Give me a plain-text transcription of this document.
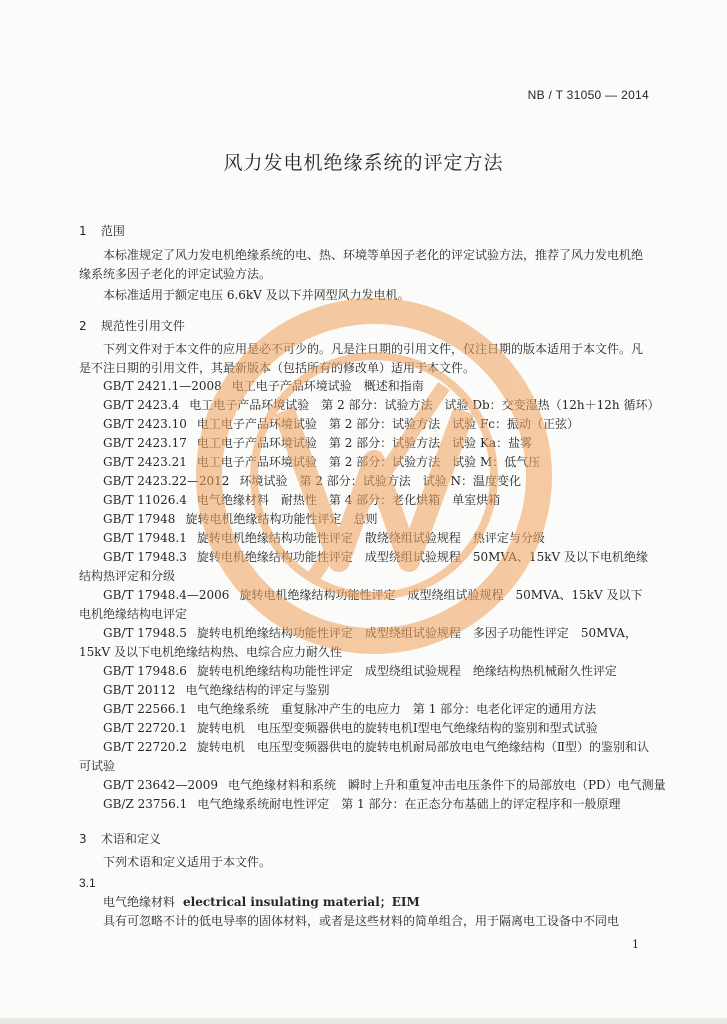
NB / T 31050 — 2014
风力发电机绝缘系统的评定方法
1 范围
本标准规定了风力发电机绝缘系统的电、热、环境等单因子老化的评定试验方法，推荐了风力发电机绝缘系统多因子老化的评定试验方法。
本标准适用于额定电压 6.6kV 及以下并网型风力发电机。
2 规范性引用文件
下列文件对于本文件的应用是必不可少的。凡是注日期的引用文件，仅注日期的版本适用于本文件。凡是不注日期的引用文件，其最新版本（包括所有的修改单）适用于本文件。
GB/T 2421.1—2008 电工电子产品环境试验　概述和指南
GB/T 2423.4 电工电子产品环境试验　第 2 部分：试验方法　试验 Db：交变湿热（12h＋12h 循环）
GB/T 2423.10 电工电子产品环境试验　第 2 部分：试验方法　试验 Fc：振动（正弦）
GB/T 2423.17 电工电子产品环境试验　第 2 部分：试验方法　试验 Ka：盐雾
GB/T 2423.21 电工电子产品环境试验　第 2 部分：试验方法　试验 M：低气压
GB/T 2423.22—2012 环境试验　第 2 部分：试验方法　试验 N：温度变化
GB/T 11026.4 电气绝缘材料　耐热性　第 4 部分：老化烘箱　单室烘箱
GB/T 17948 旋转电机绝缘结构功能性评定　总则
GB/T 17948.1 旋转电机绝缘结构功能性评定　散绕绕组试验规程　热评定与分级
GB/T 17948.3 旋转电机绝缘结构功能性评定　成型绕组试验规程　50MVA、15kV 及以下电机绝缘结构热评定和分级
GB/T 17948.4—2006 旋转电机绝缘结构功能性评定　成型绕组试验规程　50MVA、15kV 及以下电机绝缘结构电评定
GB/T 17948.5 旋转电机绝缘结构功能性评定　成型绕组试验规程　多因子功能性评定　50MVA，15kV 及以下电机绝缘结构热、电综合应力耐久性
GB/T 17948.6 旋转电机绝缘结构功能性评定　成型绕组试验规程　绝缘结构热机械耐久性评定
GB/T 20112 电气绝缘结构的评定与鉴别
GB/T 22566.1 电气绝缘系统　重复脉冲产生的电应力　第 1 部分：电老化评定的通用方法
GB/T 22720.1 旋转电机　电压型变频器供电的旋转电机Ⅰ型电气绝缘结构的鉴别和型式试验
GB/T 22720.2 旋转电机　电压型变频器供电的旋转电机耐局部放电电气绝缘结构（Ⅱ型）的鉴别和认可试验
GB/T 23642—2009 电气绝缘材料和系统　瞬时上升和重复冲击电压条件下的局部放电（PD）电气测量
GB/Z 23756.1 电气绝缘系统耐电性评定　第 1 部分：在正态分布基础上的评定程序和一般原理
3 术语和定义
下列术语和定义适用于本文件。
3.1
电气绝缘材料 electrical insulating material；EIM
具有可忽略不计的低电导率的固体材料，或者是这些材料的简单组合，用于隔离电工设备中不同电
1
